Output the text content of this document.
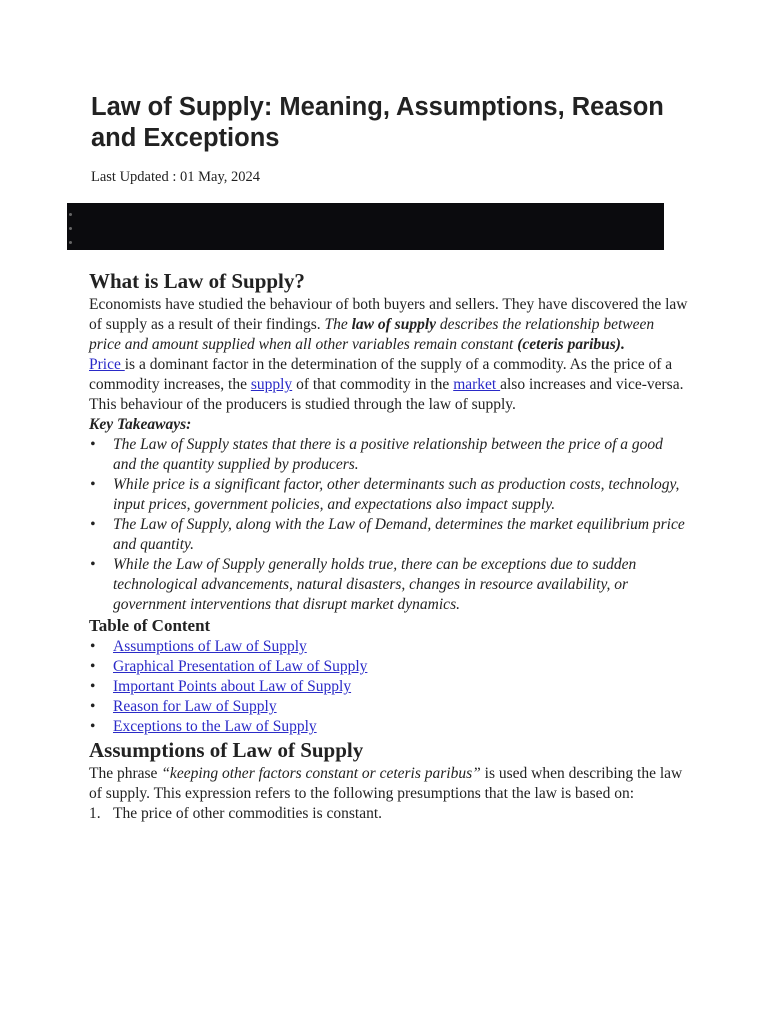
Law of Supply: Meaning, Assumptions, Reason and Exceptions
Last Updated : 01 May, 2024
What is Law of Supply?

Economists have studied the behaviour of both buyers and sellers. They have discovered the law of supply as a result of their findings. The law of supply describes the relationship between price and amount supplied when all other variables remain constant (ceteris paribus).

Price is a dominant factor in the determination of the supply of a commodity. As the price of a commodity increases, the supply of that commodity in the market also increases and vice-versa. This behaviour of the producers is studied through the law of supply.

Key Takeaways:

• The Law of Supply states that there is a positive relationship between the price of a good and the quantity supplied by producers.
• While price is a significant factor, other determinants such as production costs, technology, input prices, government policies, and expectations also impact supply.
• The Law of Supply, along with the Law of Demand, determines the market equilibrium price and quantity.
• While the Law of Supply generally holds true, there can be exceptions due to sudden technological advancements, natural disasters, changes in resource availability, or government interventions that disrupt market dynamics.

Table of Content

• Assumptions of Law of Supply
• Graphical Presentation of Law of Supply
• Important Points about Law of Supply
• Reason for Law of Supply
• Exceptions to the Law of Supply
Assumptions of Law of Supply

The phrase “keeping other factors constant or ceteris paribus” is used when describing the law of supply. This expression refers to the following presumptions that the law is based on:

1. The price of other commodities is constant.
